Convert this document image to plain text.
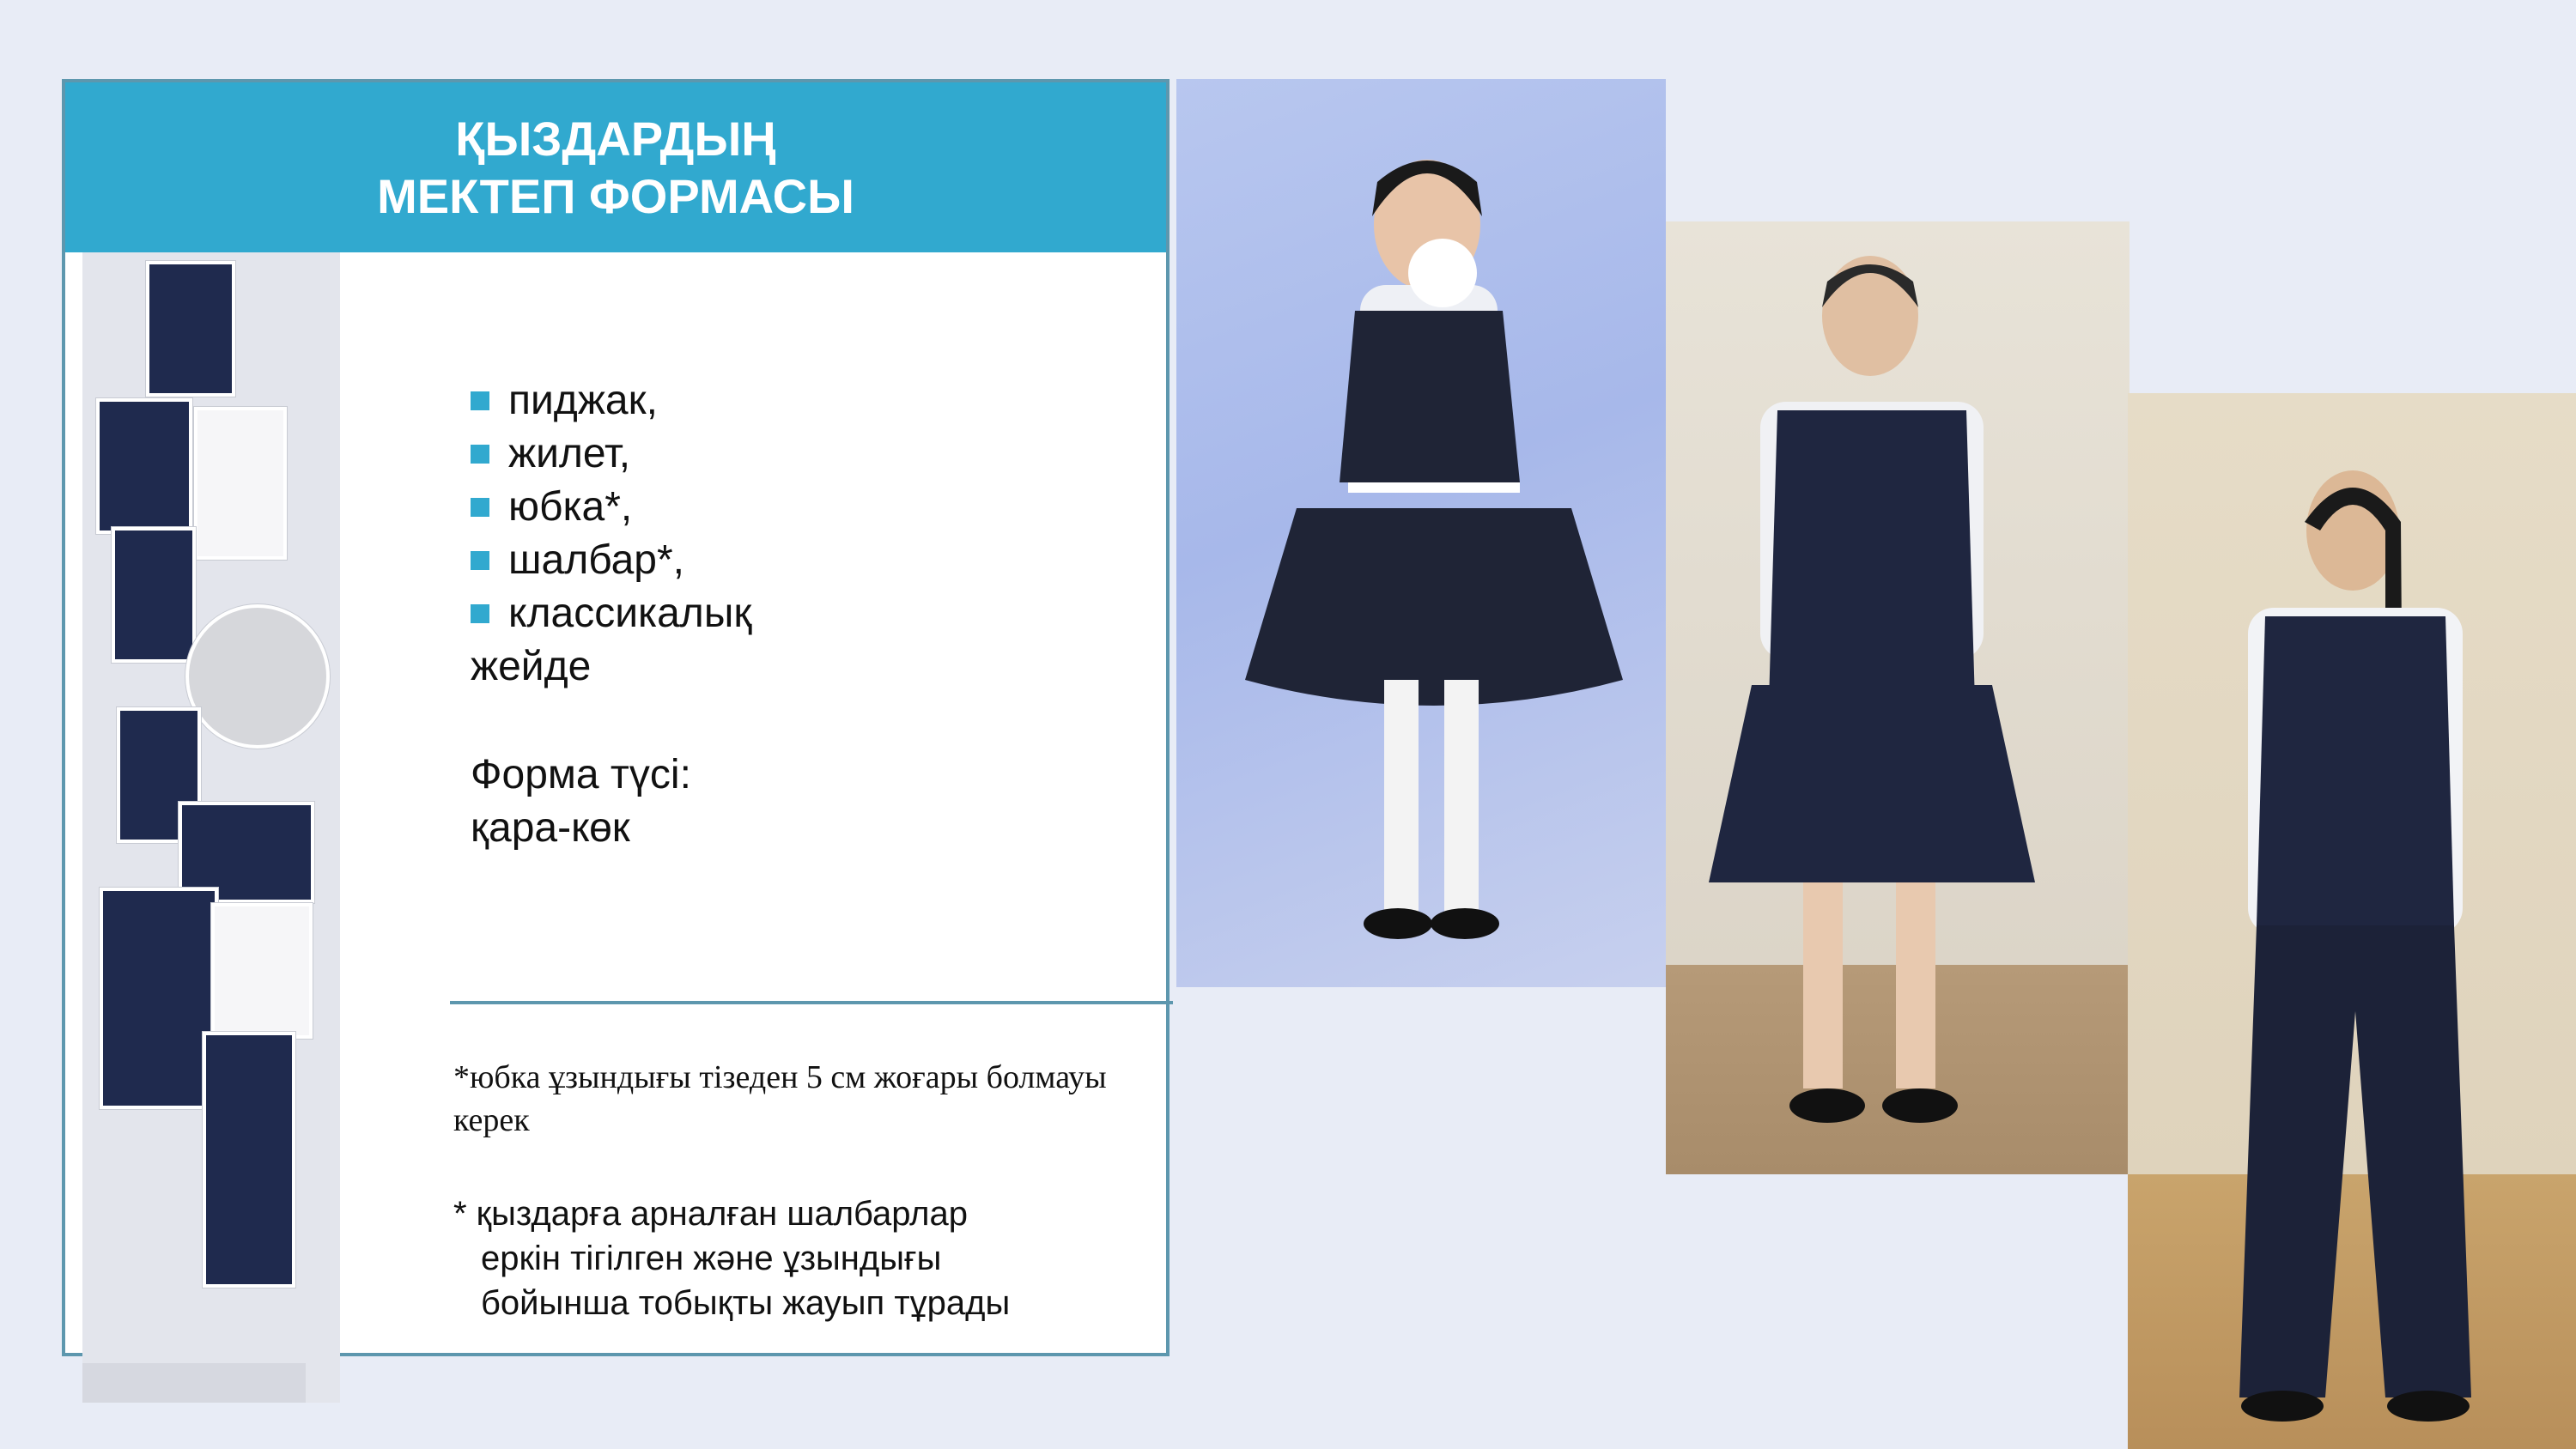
ҚЫЗДАРДЫҢ
МЕКТЕП ФОРМАСЫ
пиджак,
жилет,
юбка*,
шалбар*,
классикалық
жейде
Форма түсі:
қара-көк
*юбка ұзындығы тізеден 5 см жоғары болмауы керек
* қыздарға арналған шалбарлар
еркін тігілген және ұзындығы
бойынша тобықты жауып тұрады
